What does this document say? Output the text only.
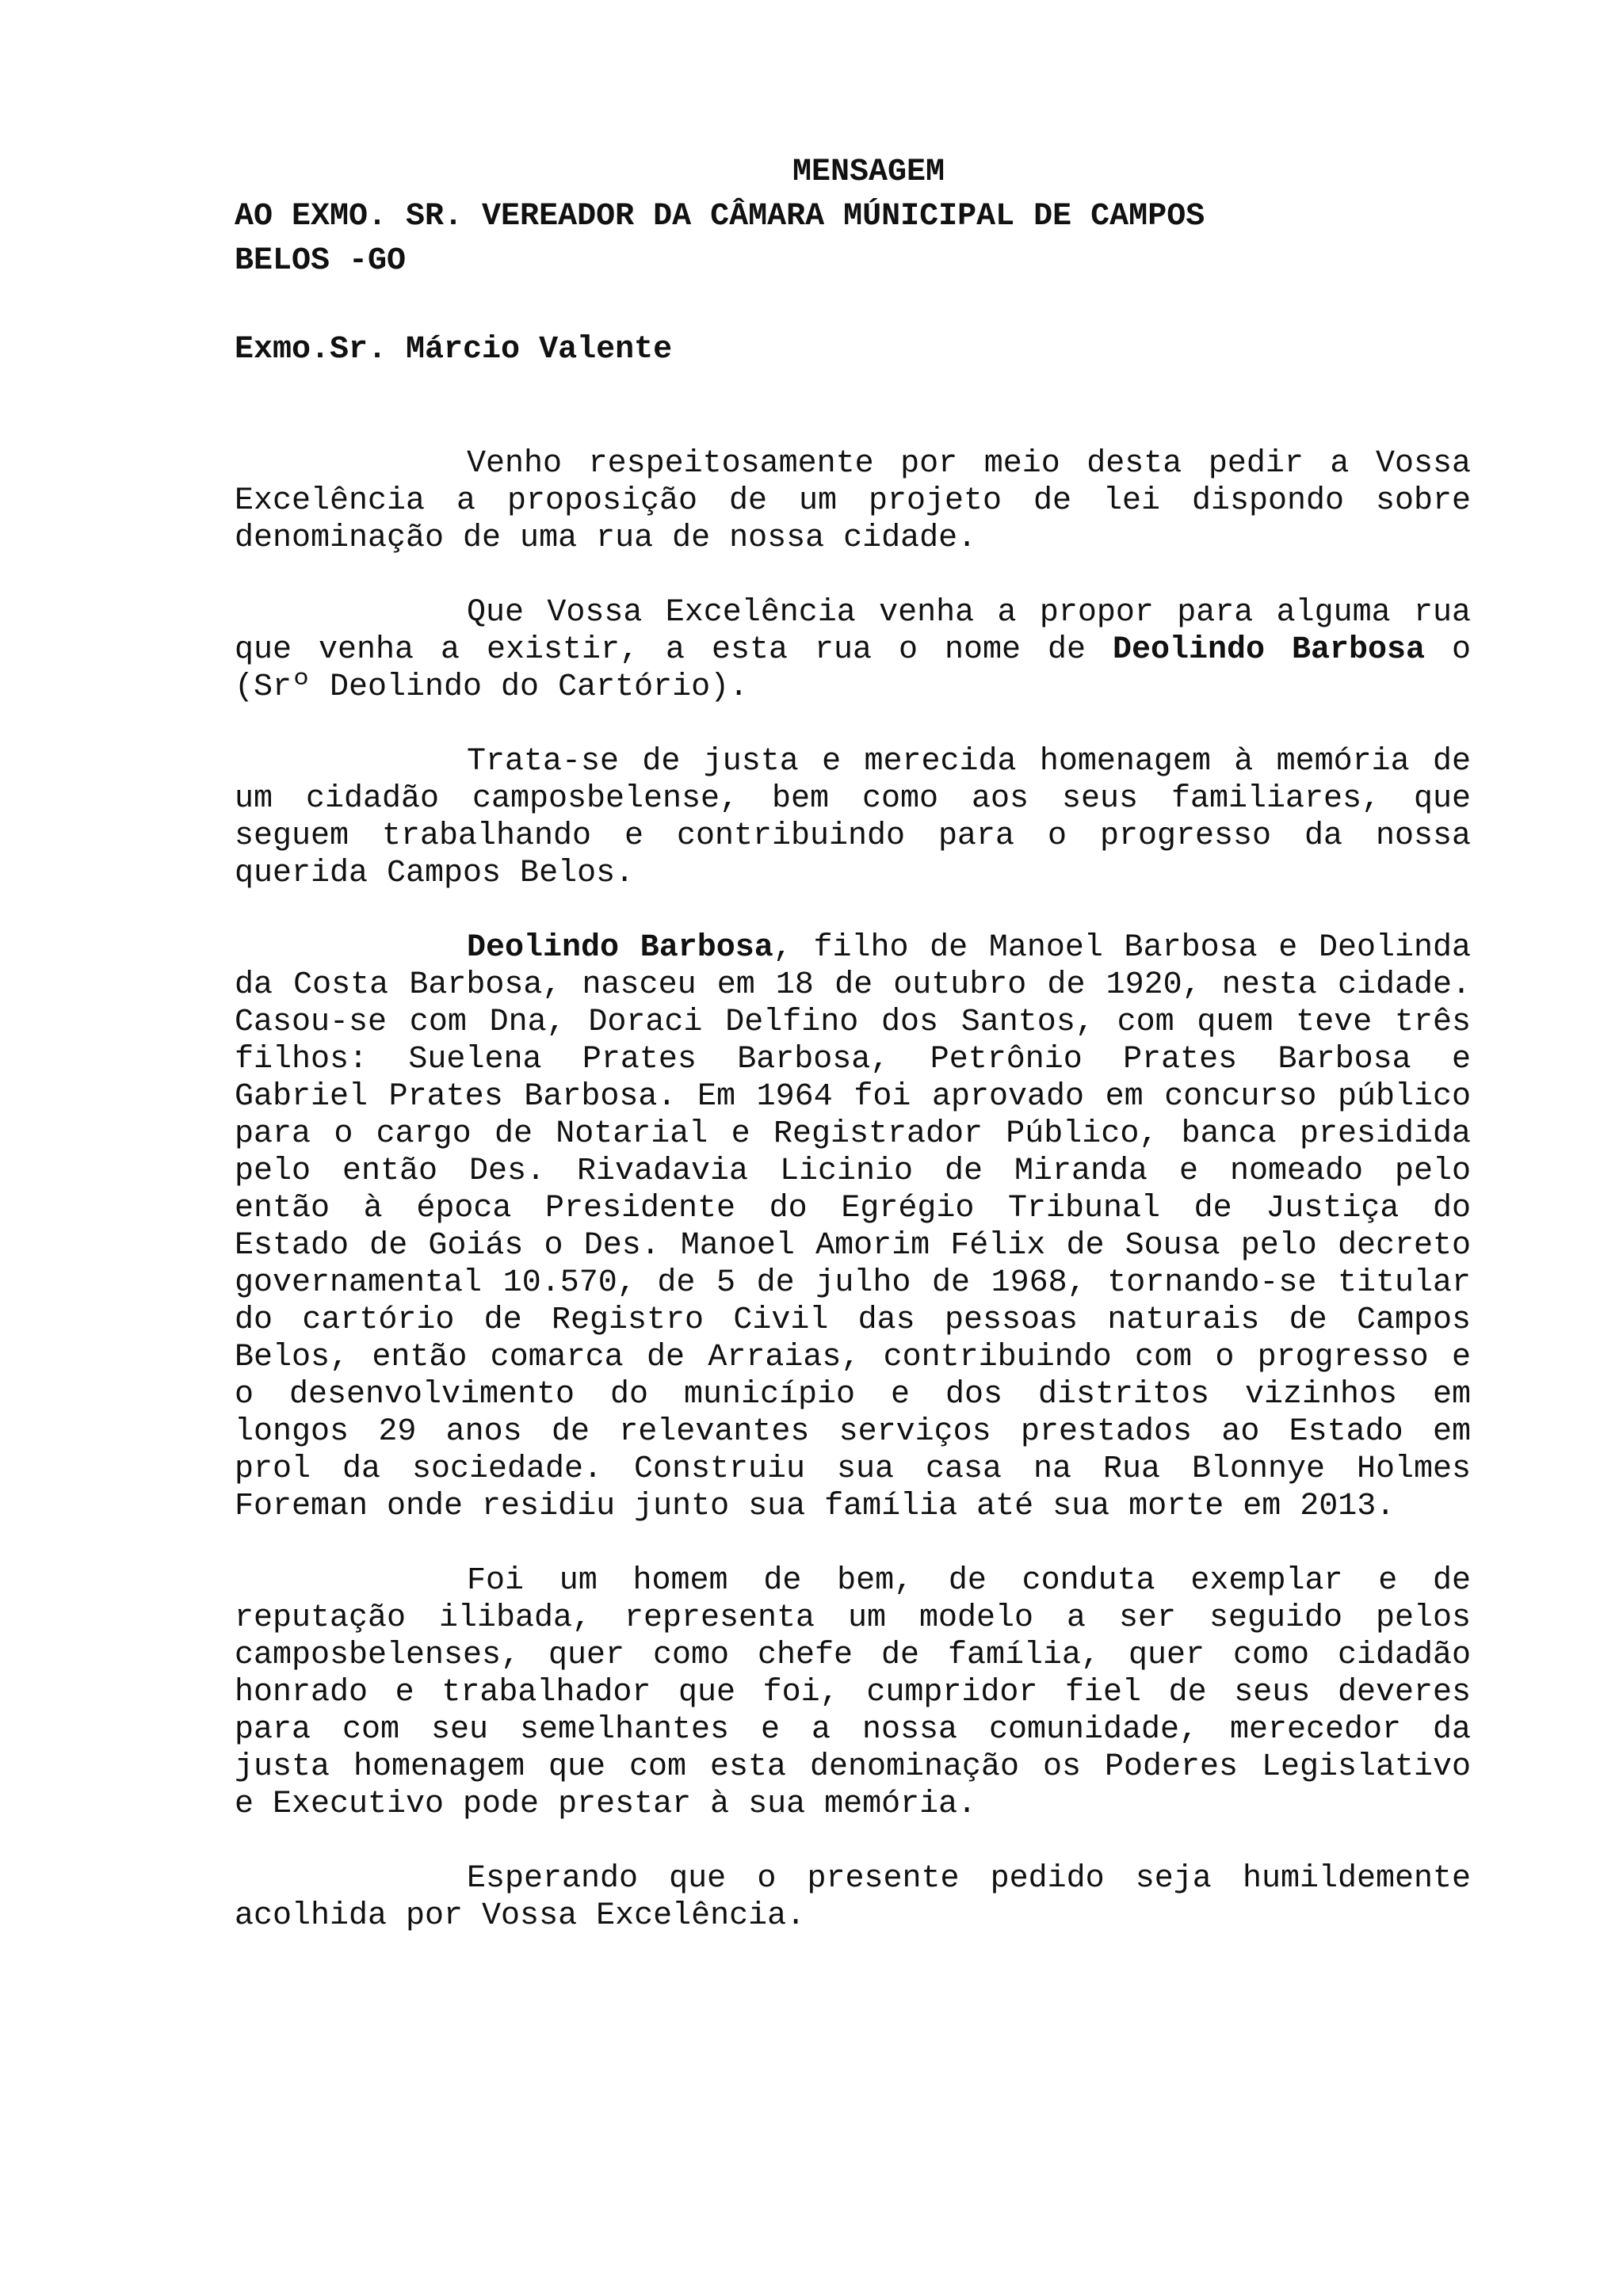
MENSAGEM

AO EXMO. SR. VEREADOR DA CÂMARA MÚNICIPAL DE CAMPOS

BELOS -GO

Exmo.Sr. Márcio Valente

Venho respeitosamente por meio desta pedir a Vossa Excelência a proposição de um projeto de lei dispondo sobre denominação de uma rua de nossa cidade.

Que Vossa Excelência venha a propor para alguma rua que venha a existir, a esta rua o nome de Deolindo Barbosa o (Srº Deolindo do Cartório).

Trata-se de justa e merecida homenagem à memória de um cidadão camposbelense, bem como aos seus familiares, que seguem trabalhando e contribuindo para o progresso da nossa querida Campos Belos.

Deolindo Barbosa, filho de Manoel Barbosa e Deolinda da Costa Barbosa, nasceu em 18 de outubro de 1920, nesta cidade. Casou-se com Dna, Doraci Delfino dos Santos, com quem teve três filhos: Suelena Prates Barbosa, Petrônio Prates Barbosa e Gabriel Prates Barbosa. Em 1964 foi aprovado em concurso público para o cargo de Notarial e Registrador Público, banca presidida pelo então Des. Rivadavia Licinio de Miranda e nomeado pelo então à época Presidente do Egrégio Tribunal de Justiça do Estado de Goiás o Des. Manoel Amorim Félix de Sousa pelo decreto governamental 10.570, de 5 de julho de 1968, tornando-se titular do cartório de Registro Civil das pessoas naturais de Campos Belos, então comarca de Arraias, contribuindo com o progresso e o desenvolvimento do município e dos distritos vizinhos em longos 29 anos de relevantes serviços prestados ao Estado em prol da sociedade. Construiu sua casa na Rua Blonnye Holmes Foreman onde residiu junto sua família até sua morte em 2013.

Foi um homem de bem, de conduta exemplar e de reputação ilibada, representa um modelo a ser seguido pelos camposbelenses, quer como chefe de família, quer como cidadão honrado e trabalhador que foi, cumpridor fiel de seus deveres para com seu semelhantes e a nossa comunidade, merecedor da justa homenagem que com esta denominação os Poderes Legislativo e Executivo pode prestar à sua memória.

Esperando que o presente pedido seja humildemente acolhida por Vossa Excelência.
